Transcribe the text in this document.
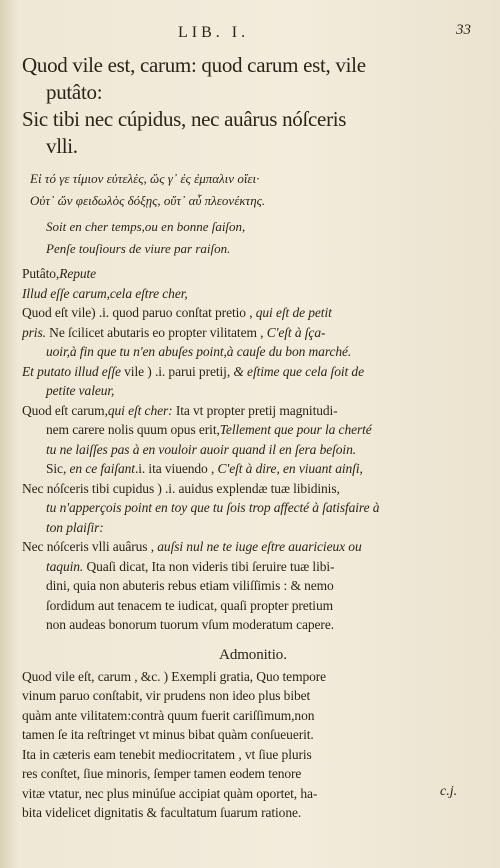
LIB. I.	33
Quod vile est, carum: quod carum est, vile
putâto:
Sic tibi nec cúpidus, nec auârus nóſceris
vlli.
Εἰ τό γε τίμιον εὐτελὲς, ὥς γ᾽ ἐς ἐμπαλιν οἴει·
Οὐτ᾽ ὤν φειδωλὸς δόξῃς, οὔτ᾽ αὖ πλεονέκτης.
Soit en cher temps,ou en bonne ſaiſon,
Penſe touſiours de viure par raiſon.
Putâto,Repute
Illud eſſe carum,cela eſtre cher,
Quod eſt vile) .i. quod paruo conſtat pretio , qui eſt de petit
pris. Ne ſcilicet abutaris eo propter vilitatem , C'eſt à ſça-
uoir,à fin que tu n'en abuſes point,à cauſe du bon marché.
Et putato illud eſſe vile ) .i. parui pretij, & eſtime que cela ſoit de
petite valeur,
Quod eſt carum,qui eſt cher: Ita vt propter pretij magnitudi-
nem carere nolis quum opus erit,Tellement que pour la cherté
tu ne laiſſes pas à en vouloir auoir quand il en ſera beſoin.
Sic, en ce faiſant.i. ita viuendo , C'eſt à dire, en viuant ainſi,
Nec nóſceris tibi cupidus ) .i. auidus explendæ tuæ libidinis,
tu n'apperçois point en toy que tu ſois trop affecté à ſatisfaire à
ton plaiſir:
Nec nóſceris vlli auârus , auſsi nul ne te iuge eſtre auaricieux ou
taquin. Quaſi dicat, Ita non videris tibi ſeruire tuæ libi-
dini, quia non abuteris rebus etiam viliſſimis : & nemo
ſordidum aut tenacem te iudicat, quaſi propter pretium
non audeas bonorum tuorum vſum moderatum capere.
Admonitio.
Quod vile eſt, carum , &c. ) Exempli gratia, Quo tempore
vinum paruo conſtabit, vir prudens non ideo plus bibet
quàm ante vilitatem:contrà quum fuerit cariſſimum,non
tamen ſe ita reſtringet vt minus bibat quàm conſueuerit.
Ita in cæteris eam tenebit mediocritatem , vt ſiue pluris
res conſtet, ſiue minoris, ſemper tamen eodem tenore
vitæ vtatur, nec plus minúſue accipiat quàm oportet, ha-
bita videlicet dignitatis & facultatum ſuarum ratione.
c.j.
